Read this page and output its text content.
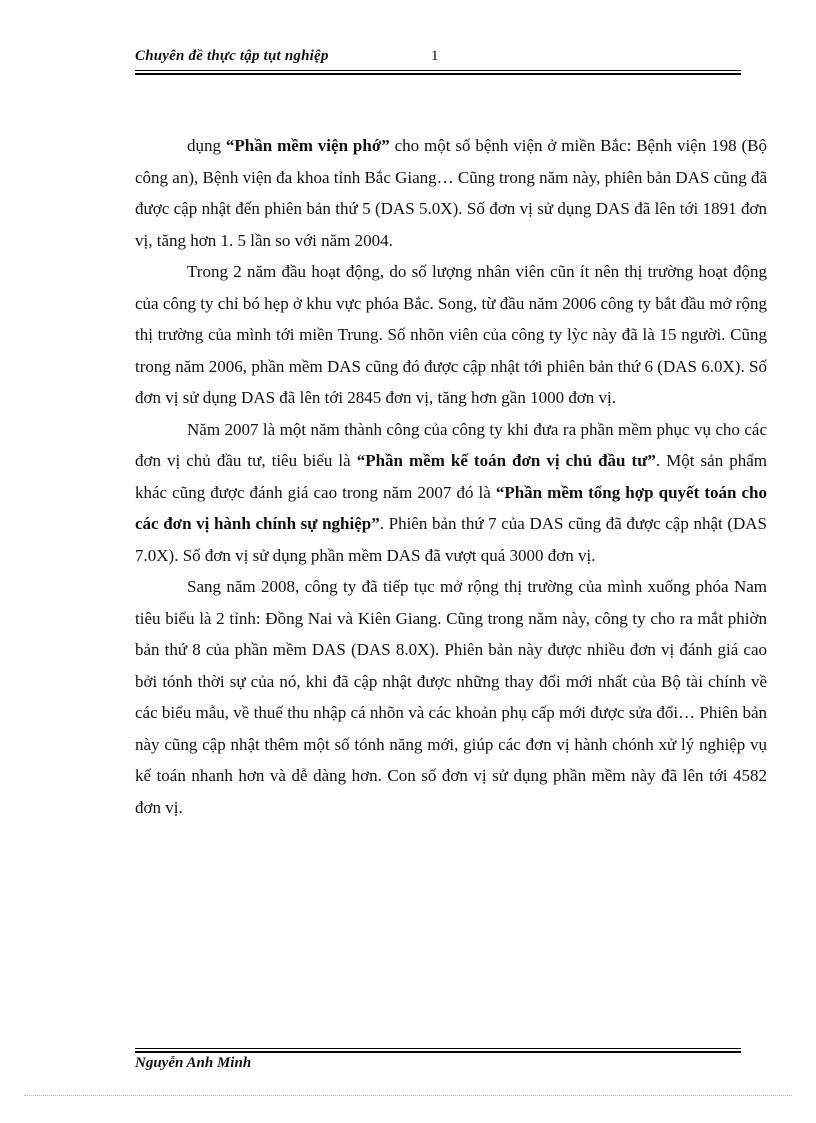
Chuyên đề thực tập tụt nghiệp	1

dụng “Phần mềm viện phớ” cho một số bệnh viện ở miền Bắc: Bệnh viện 198 (Bộ công an), Bệnh viện đa khoa tỉnh Bắc Giang… Cũng trong năm này, phiên bản DAS cũng đã được cập nhật đến phiên bản thứ 5 (DAS 5.0X). Số đơn vị sử dụng DAS đã lên tới 1891 đơn vị, tăng hơn 1. 5 lần so với năm 2004.

Trong 2 năm đầu hoạt động, do số lượng nhân viên cũn ít nên thị trường hoạt động của công ty chỉ bó hẹp ở khu vực phóa Bắc. Song, từ đầu năm 2006 công ty bắt đầu mở rộng thị trường của mình tới miền Trung. Số nhõn viên của công ty lỳc này đã là 15 người. Cũng trong năm 2006, phần mềm DAS cũng đó được cập nhật tới phiên bản thứ 6 (DAS 6.0X). Số đơn vị sử dụng DAS đã lên tới 2845 đơn vị, tăng hơn gần 1000 đơn vị.

Năm 2007 là một năm thành công của công ty khi đưa ra phần mềm phục vụ cho các đơn vị chủ đầu tư, tiêu biểu là “Phần mềm kế toán đơn vị chủ đầu tư”. Một sản phẩm khác cũng được đánh giá cao trong năm 2007 đó là “Phần mềm tổng hợp quyết toán cho các đơn vị hành chính sự nghiệp”. Phiên bản thứ 7 của DAS cũng đã được cập nhật (DAS 7.0X). Số đơn vị sử dụng phần mềm DAS đã vượt quá 3000 đơn vị.

Sang năm 2008, công ty đã tiếp tục mở rộng thị trường của mình xuống phóa Nam tiêu biểu là 2 tỉnh: Đồng Nai và Kiên Giang. Cũng trong năm này, công ty cho ra mắt phiờn bản thứ 8 của phần mềm DAS (DAS 8.0X). Phiên bản này được nhiều đơn vị đánh giá cao bởi tónh thời sự của nó, khi đã cập nhật được những thay đổi mới nhất của Bộ tài chính về các biểu mẫu, về thuế thu nhập cá nhõn và các khoản phụ cấp mới được sửa đổi… Phiên bản này cũng cập nhật thêm một số tónh năng mới, giúp các đơn vị hành chónh xử lý nghiệp vụ kế toán nhanh hơn và dễ dàng hơn. Con số đơn vị sử dụng phần mềm này đã lên tới 4582 đơn vị.

Nguyễn Anh Minh
